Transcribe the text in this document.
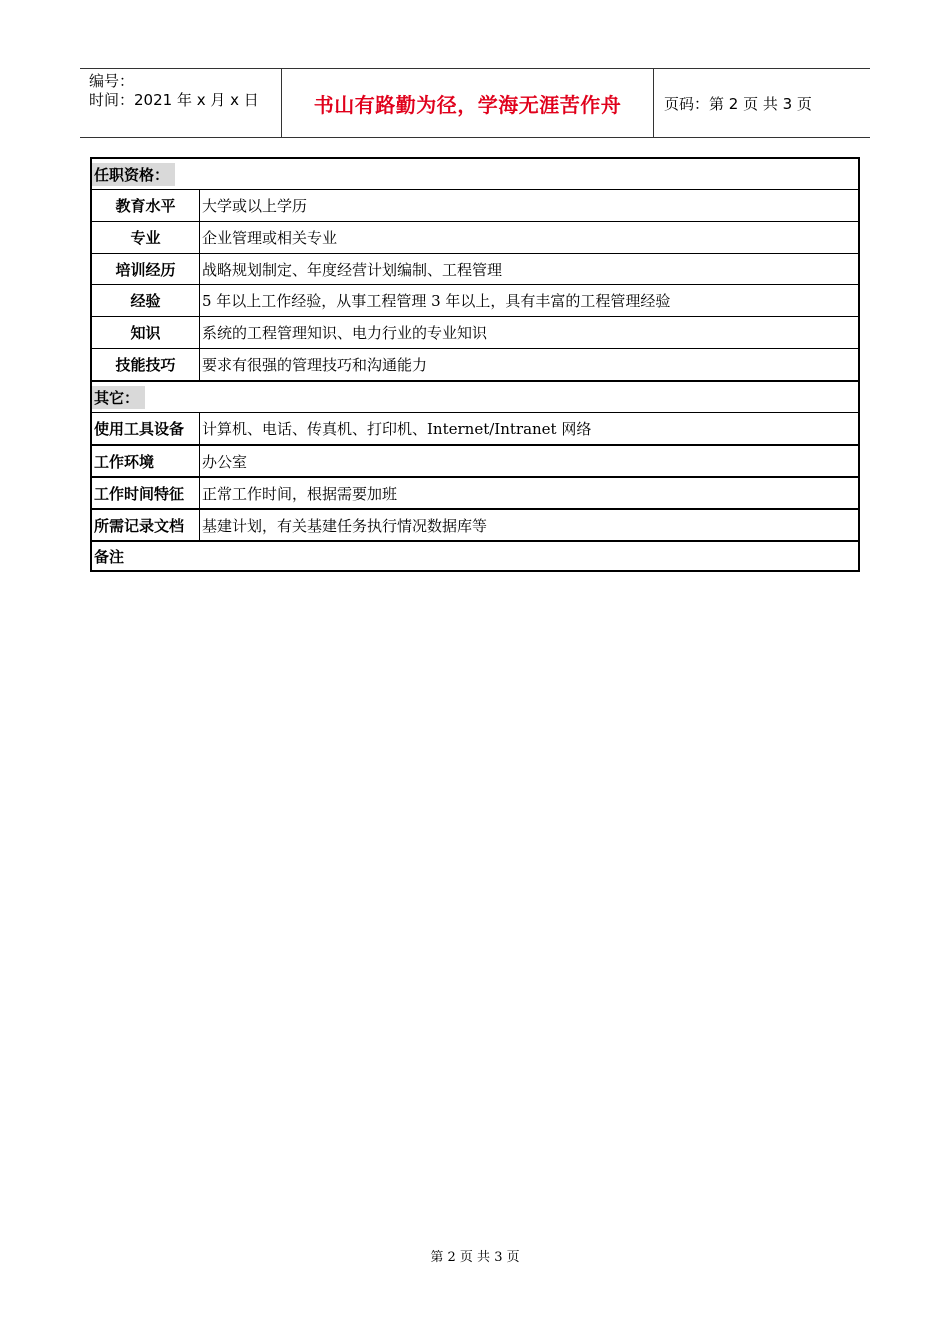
编号：
时间：2021 年 x 月 x 日	书山有路勤为径，学海无涯苦作舟	页码：第 2 页 共 3 页
任职资格：
教育水平	大学或以上学历
专业	企业管理或相关专业
培训经历	战略规划制定、年度经营计划编制、工程管理
经验	5 年以上工作经验，从事工程管理 3 年以上，具有丰富的工程管理经验
知识	系统的工程管理知识、电力行业的专业知识
技能技巧	要求有很强的管理技巧和沟通能力
其它：
使用工具设备	计算机、电话、传真机、打印机、Internet/Intranet 网络
工作环境	办公室
工作时间特征	正常工作时间，根据需要加班
所需记录文档	基建计划，有关基建任务执行情况数据库等
备注
第 2 页 共 3 页
